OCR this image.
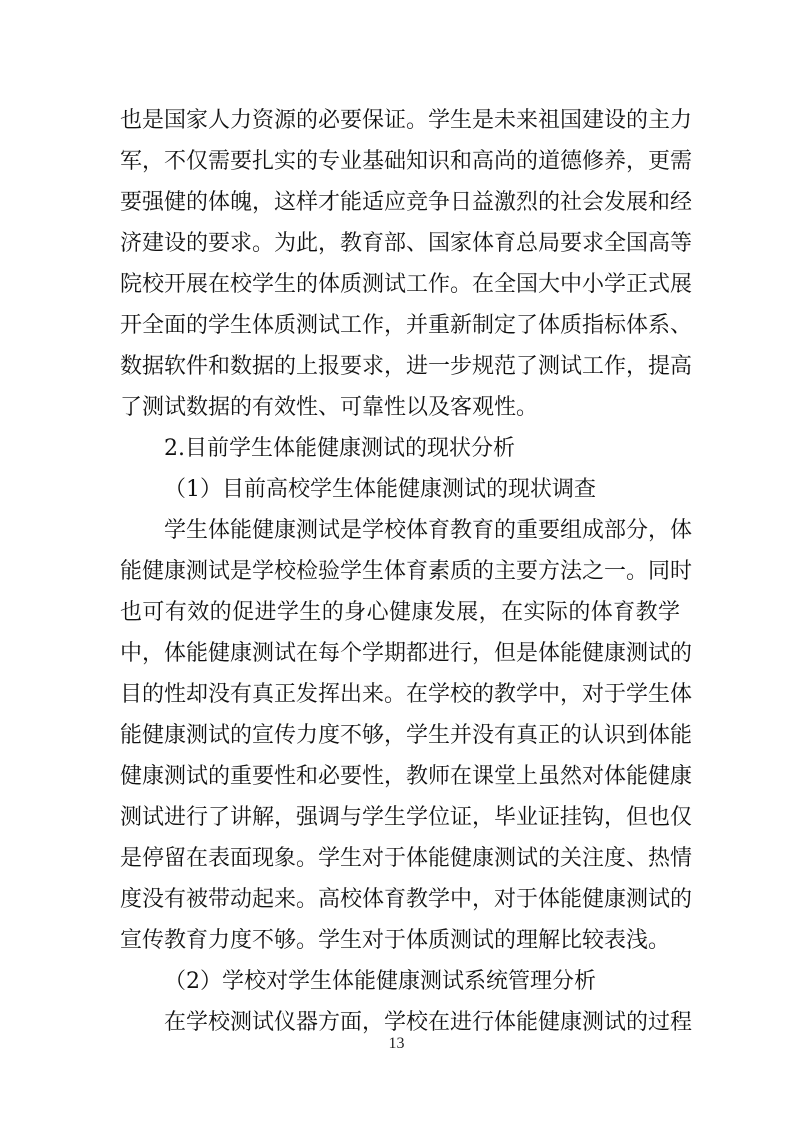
也是国家人力资源的必要保证。学生是未来祖国建设的主力
军，不仅需要扎实的专业基础知识和高尚的道德修养，更需
要强健的体魄，这样才能适应竞争日益激烈的社会发展和经
济建设的要求。为此，教育部、国家体育总局要求全国高等
院校开展在校学生的体质测试工作。在全国大中小学正式展
开全面的学生体质测试工作，并重新制定了体质指标体系、
数据软件和数据的上报要求，进一步规范了测试工作，提高
了测试数据的有效性、可靠性以及客观性。
2.目前学生体能健康测试的现状分析
（1）目前高校学生体能健康测试的现状调查
学生体能健康测试是学校体育教育的重要组成部分，体
能健康测试是学校检验学生体育素质的主要方法之一。同时
也可有效的促进学生的身心健康发展，在实际的体育教学
中，体能健康测试在每个学期都进行，但是体能健康测试的
目的性却没有真正发挥出来。在学校的教学中，对于学生体
能健康测试的宣传力度不够，学生并没有真正的认识到体能
健康测试的重要性和必要性，教师在课堂上虽然对体能健康
测试进行了讲解，强调与学生学位证，毕业证挂钩，但也仅
是停留在表面现象。学生对于体能健康测试的关注度、热情
度没有被带动起来。高校体育教学中，对于体能健康测试的
宣传教育力度不够。学生对于体质测试的理解比较表浅。
（2）学校对学生体能健康测试系统管理分析
在学校测试仪器方面，学校在进行体能健康测试的过程
13
